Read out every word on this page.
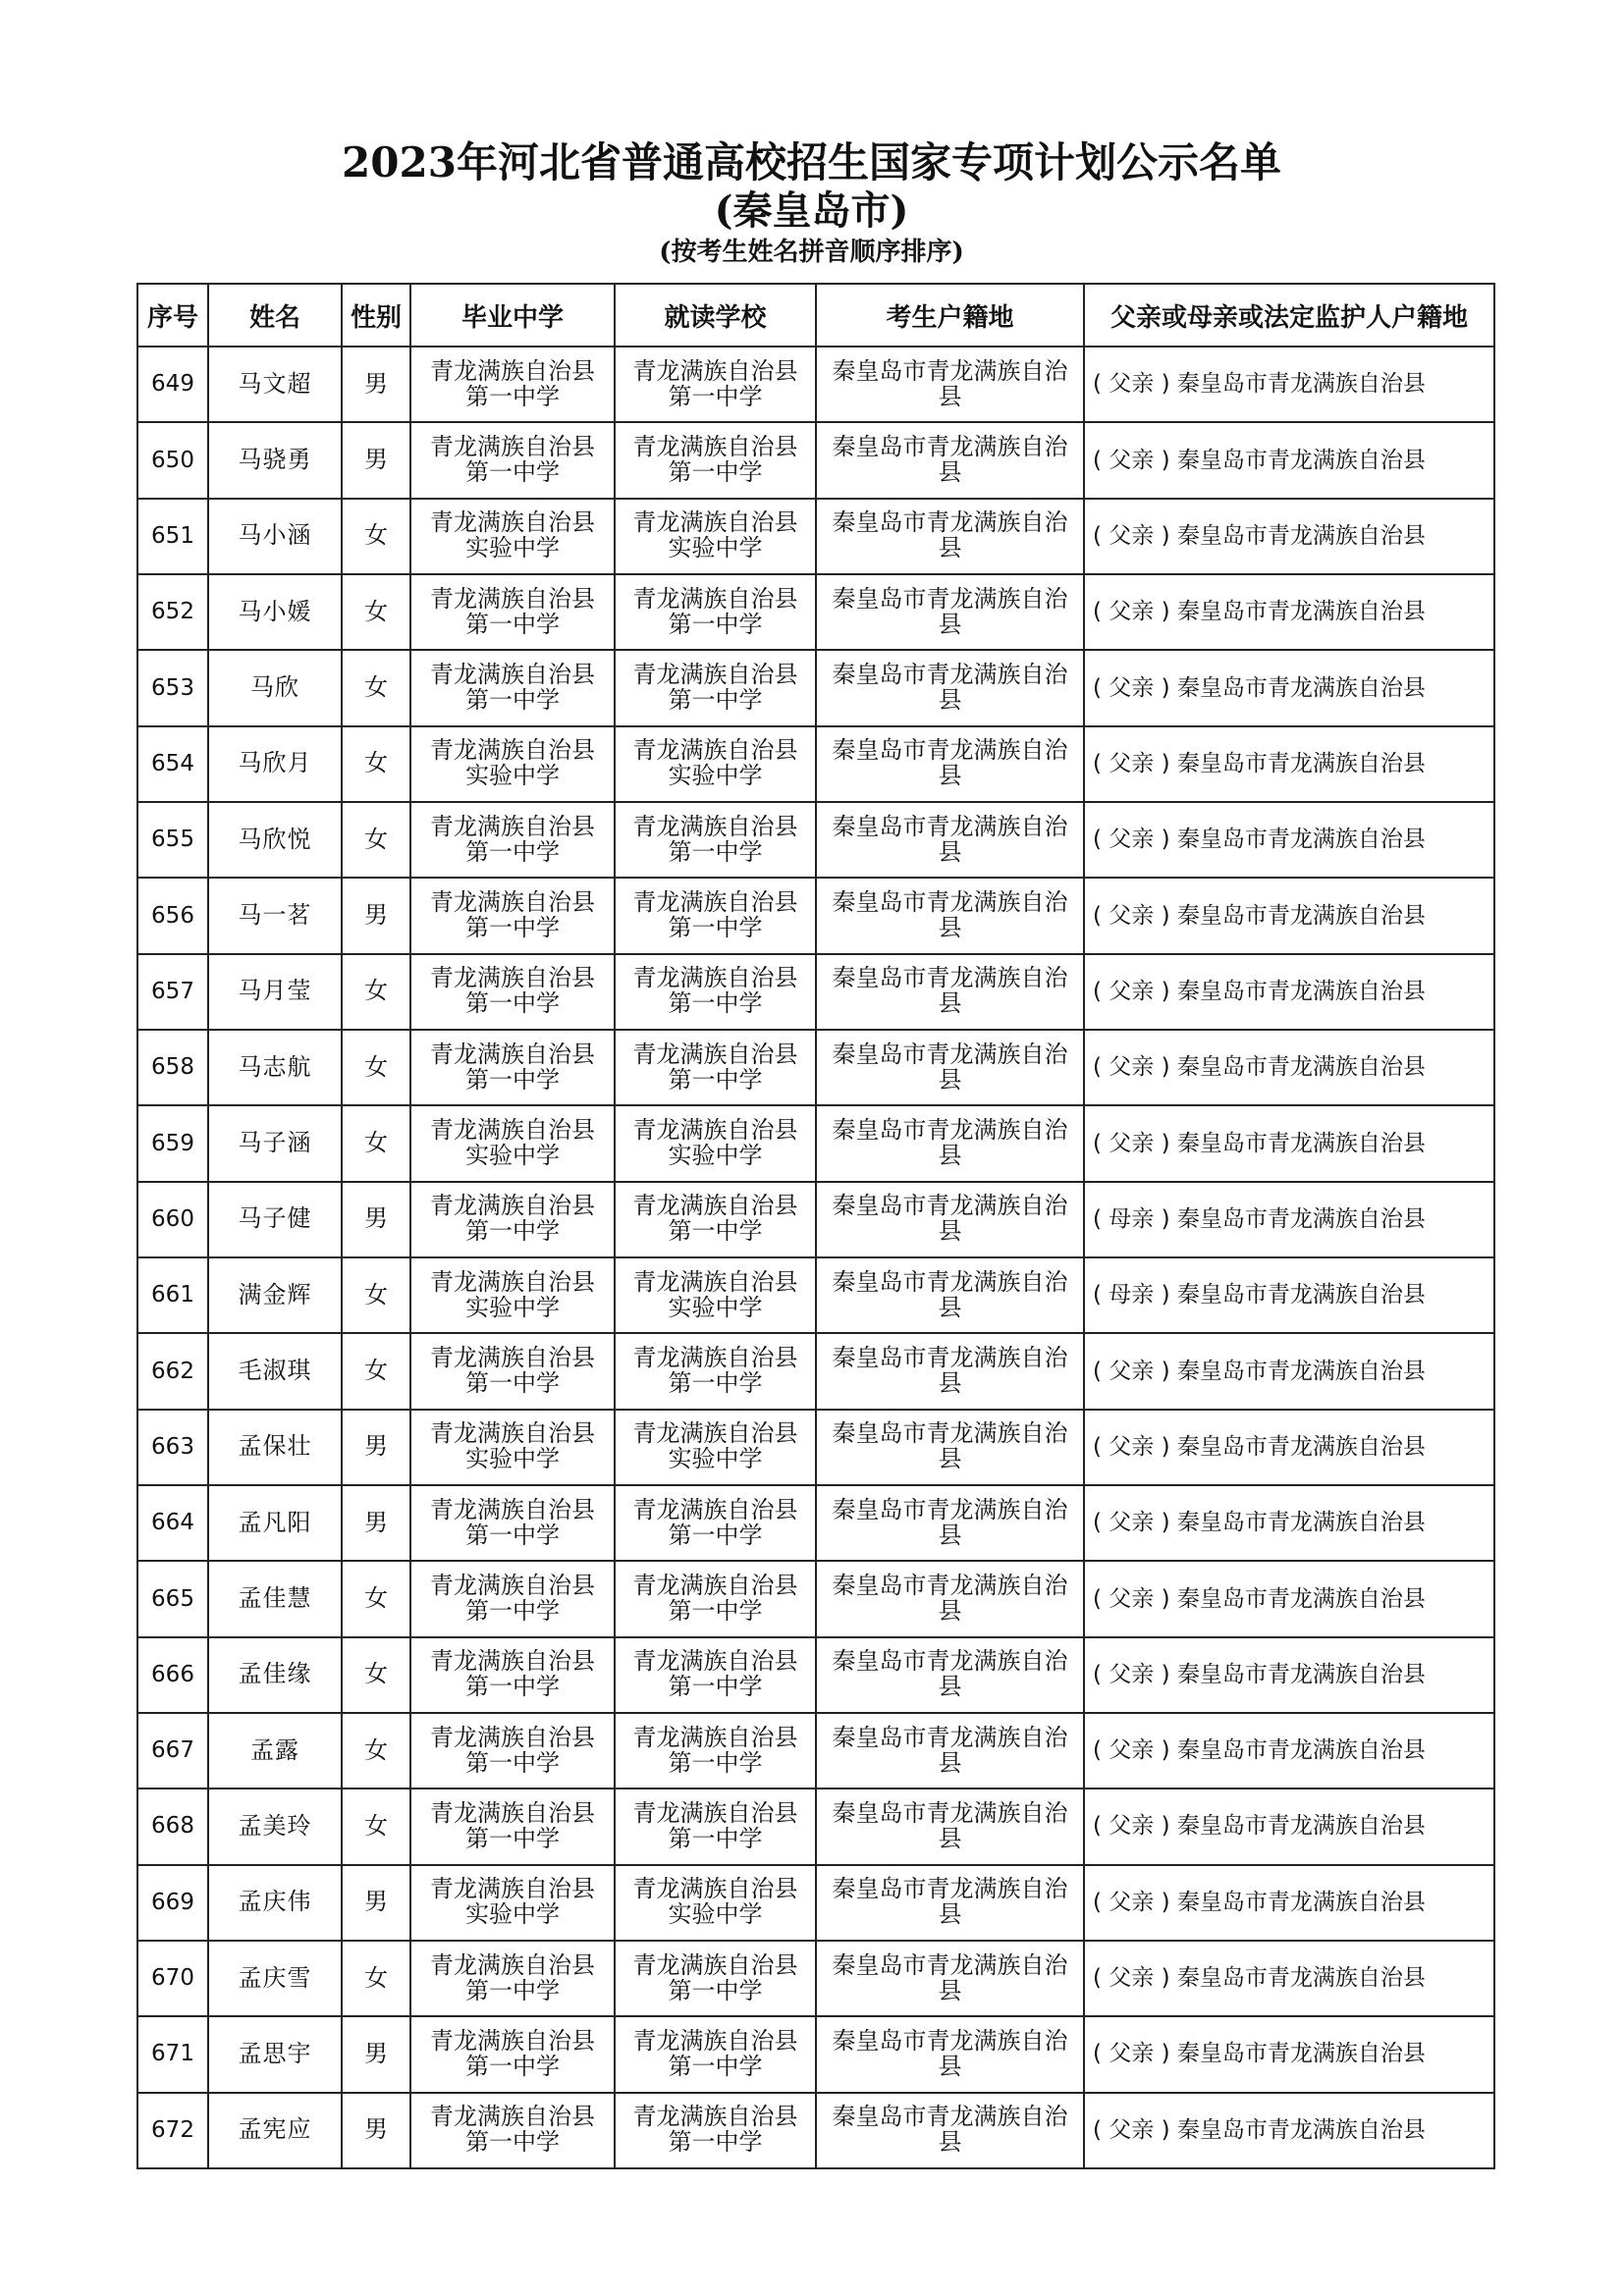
2023年河北省普通高校招生国家专项计划公示名单
(秦皇岛市)
(按考生姓名拼音顺序排序)
序号	姓名	性别	毕业中学	就读学校	考生户籍地	父亲或母亲或法定监护人户籍地
649	马文超	男	青龙满族自治县第一中学	青龙满族自治县第一中学	秦皇岛市青龙满族自治县	( 父亲 ) 秦皇岛市青龙满族自治县
650	马骁勇	男	青龙满族自治县第一中学	青龙满族自治县第一中学	秦皇岛市青龙满族自治县	( 父亲 ) 秦皇岛市青龙满族自治县
651	马小涵	女	青龙满族自治县实验中学	青龙满族自治县实验中学	秦皇岛市青龙满族自治县	( 父亲 ) 秦皇岛市青龙满族自治县
652	马小媛	女	青龙满族自治县第一中学	青龙满族自治县第一中学	秦皇岛市青龙满族自治县	( 父亲 ) 秦皇岛市青龙满族自治县
653	马欣	女	青龙满族自治县第一中学	青龙满族自治县第一中学	秦皇岛市青龙满族自治县	( 父亲 ) 秦皇岛市青龙满族自治县
654	马欣月	女	青龙满族自治县实验中学	青龙满族自治县实验中学	秦皇岛市青龙满族自治县	( 父亲 ) 秦皇岛市青龙满族自治县
655	马欣悦	女	青龙满族自治县第一中学	青龙满族自治县第一中学	秦皇岛市青龙满族自治县	( 父亲 ) 秦皇岛市青龙满族自治县
656	马一茗	男	青龙满族自治县第一中学	青龙满族自治县第一中学	秦皇岛市青龙满族自治县	( 父亲 ) 秦皇岛市青龙满族自治县
657	马月莹	女	青龙满族自治县第一中学	青龙满族自治县第一中学	秦皇岛市青龙满族自治县	( 父亲 ) 秦皇岛市青龙满族自治县
658	马志航	女	青龙满族自治县第一中学	青龙满族自治县第一中学	秦皇岛市青龙满族自治县	( 父亲 ) 秦皇岛市青龙满族自治县
659	马子涵	女	青龙满族自治县实验中学	青龙满族自治县实验中学	秦皇岛市青龙满族自治县	( 父亲 ) 秦皇岛市青龙满族自治县
660	马子健	男	青龙满族自治县第一中学	青龙满族自治县第一中学	秦皇岛市青龙满族自治县	( 母亲 ) 秦皇岛市青龙满族自治县
661	满金辉	女	青龙满族自治县实验中学	青龙满族自治县实验中学	秦皇岛市青龙满族自治县	( 母亲 ) 秦皇岛市青龙满族自治县
662	毛淑琪	女	青龙满族自治县第一中学	青龙满族自治县第一中学	秦皇岛市青龙满族自治县	( 父亲 ) 秦皇岛市青龙满族自治县
663	孟保壮	男	青龙满族自治县实验中学	青龙满族自治县实验中学	秦皇岛市青龙满族自治县	( 父亲 ) 秦皇岛市青龙满族自治县
664	孟凡阳	男	青龙满族自治县第一中学	青龙满族自治县第一中学	秦皇岛市青龙满族自治县	( 父亲 ) 秦皇岛市青龙满族自治县
665	孟佳慧	女	青龙满族自治县第一中学	青龙满族自治县第一中学	秦皇岛市青龙满族自治县	( 父亲 ) 秦皇岛市青龙满族自治县
666	孟佳缘	女	青龙满族自治县第一中学	青龙满族自治县第一中学	秦皇岛市青龙满族自治县	( 父亲 ) 秦皇岛市青龙满族自治县
667	孟露	女	青龙满族自治县第一中学	青龙满族自治县第一中学	秦皇岛市青龙满族自治县	( 父亲 ) 秦皇岛市青龙满族自治县
668	孟美玲	女	青龙满族自治县第一中学	青龙满族自治县第一中学	秦皇岛市青龙满族自治县	( 父亲 ) 秦皇岛市青龙满族自治县
669	孟庆伟	男	青龙满族自治县实验中学	青龙满族自治县实验中学	秦皇岛市青龙满族自治县	( 父亲 ) 秦皇岛市青龙满族自治县
670	孟庆雪	女	青龙满族自治县第一中学	青龙满族自治县第一中学	秦皇岛市青龙满族自治县	( 父亲 ) 秦皇岛市青龙满族自治县
671	孟思宇	男	青龙满族自治县第一中学	青龙满族自治县第一中学	秦皇岛市青龙满族自治县	( 父亲 ) 秦皇岛市青龙满族自治县
672	孟宪应	男	青龙满族自治县第一中学	青龙满族自治县第一中学	秦皇岛市青龙满族自治县	( 父亲 ) 秦皇岛市青龙满族自治县
